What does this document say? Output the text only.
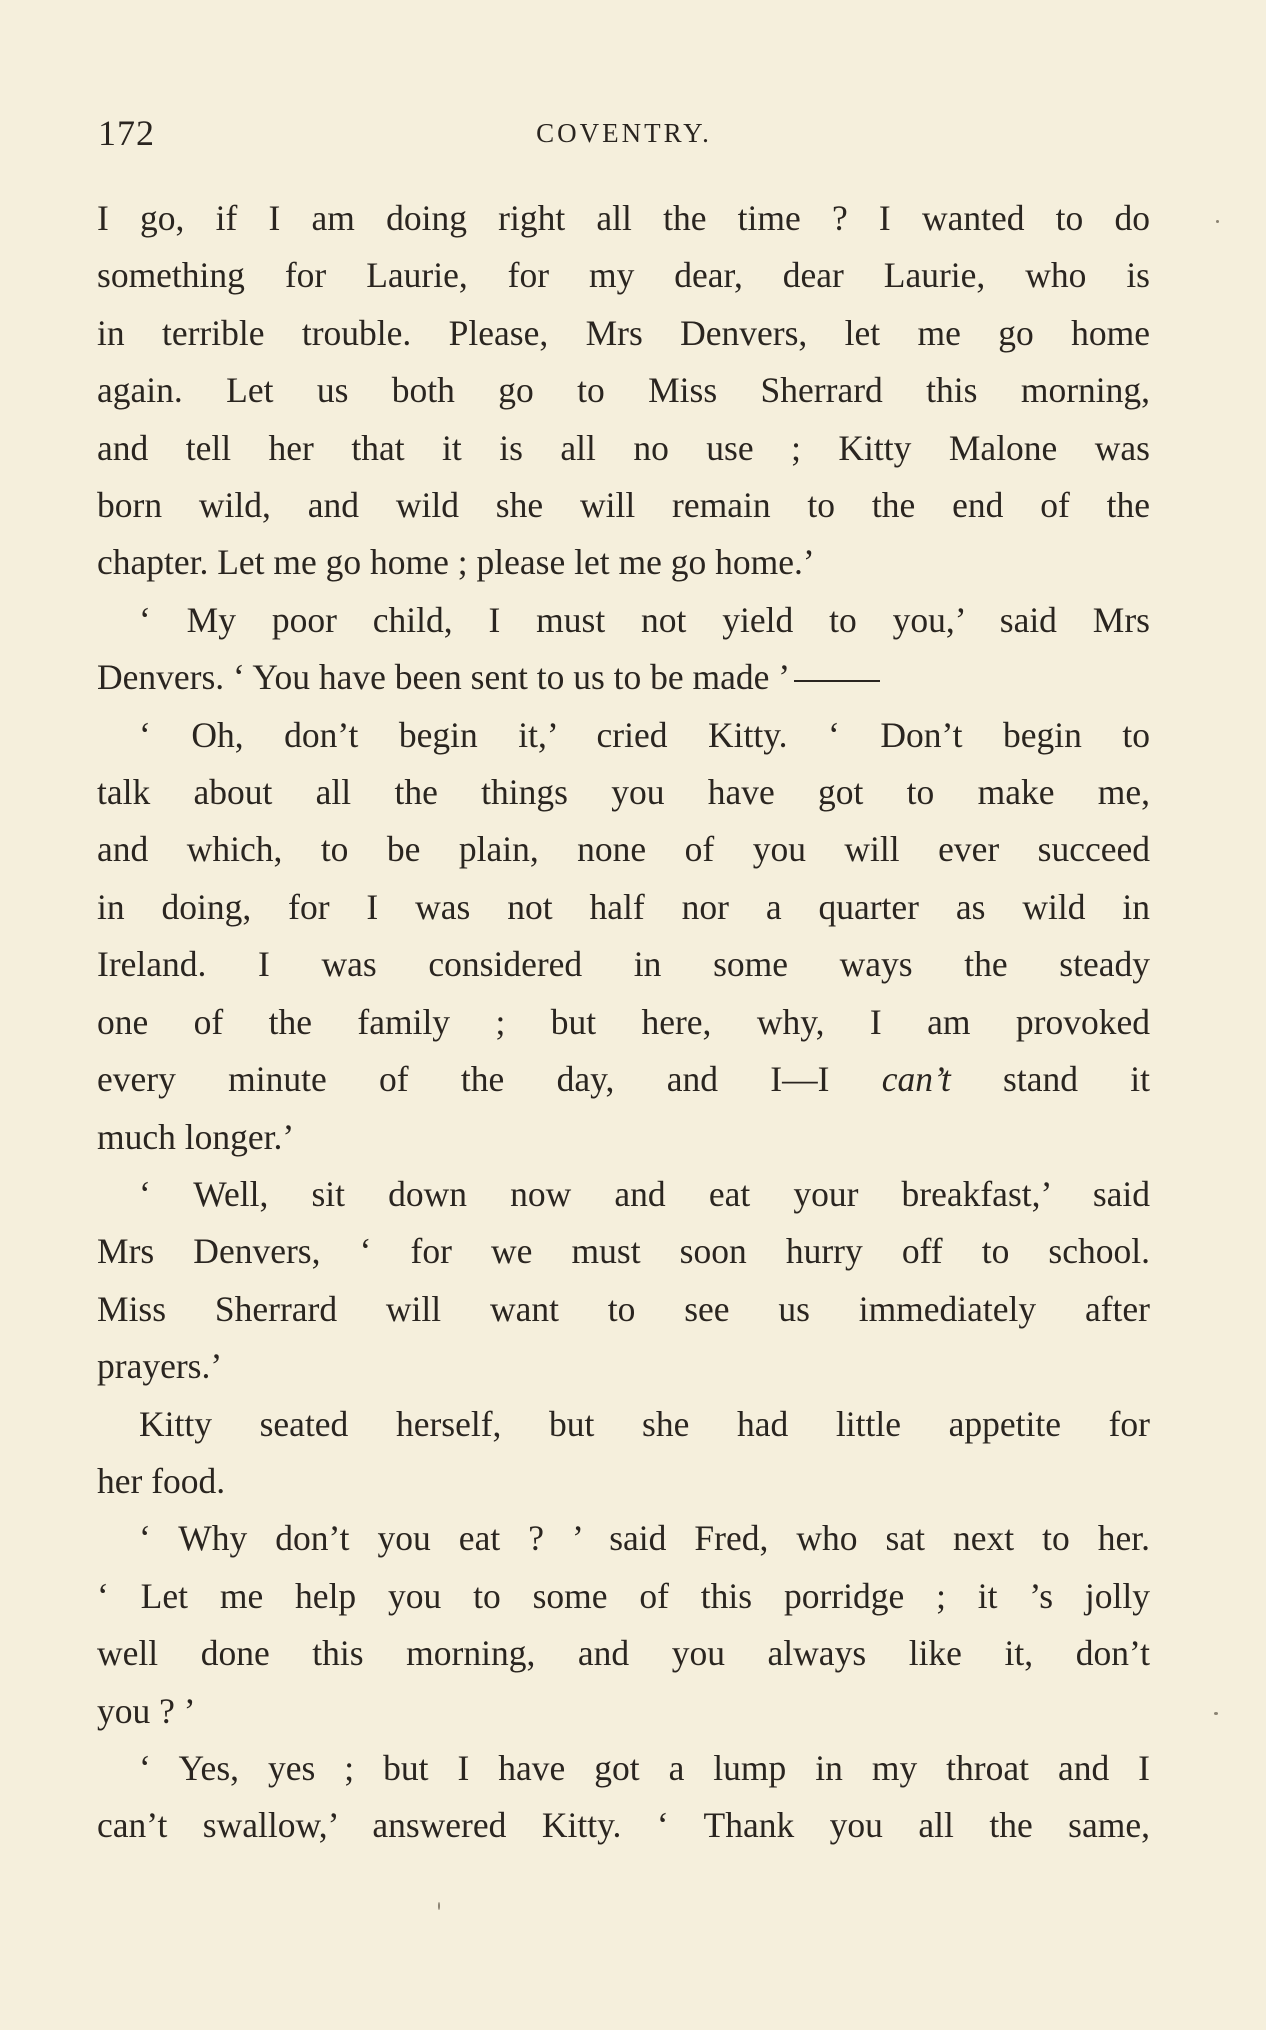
172	COVENTRY.
I go, if I am doing right all the time ? I wanted to do
something for Laurie, for my dear, dear Laurie, who is
in terrible trouble. Please, Mrs Denvers, let me go home
again. Let us both go to Miss Sherrard this morning,
and tell her that it is all no use ; Kitty Malone was
born wild, and wild she will remain to the end of the
chapter. Let me go home ; please let me go home.’
‘ My poor child, I must not yield to you,’ said Mrs
Denvers. ‘ You have been sent to us to be made ’
‘ Oh, don’t begin it,’ cried Kitty. ‘ Don’t begin to
talk about all the things you have got to make me,
and which, to be plain, none of you will ever succeed
in doing, for I was not half nor a quarter as wild in
Ireland. I was considered in some ways the steady
one of the family ; but here, why, I am provoked
every minute of the day, and I—I can’t stand it
much longer.’
‘ Well, sit down now and eat your breakfast,’ said
Mrs Denvers, ‘ for we must soon hurry off to school.
Miss Sherrard will want to see us immediately after
prayers.’
Kitty seated herself, but she had little appetite for
her food.
‘ Why don’t you eat ? ’ said Fred, who sat next to her.
‘ Let me help you to some of this porridge ; it ’s jolly
well done this morning, and you always like it, don’t
you ? ’
‘ Yes, yes ; but I have got a lump in my throat and I
can’t swallow,’ answered Kitty. ‘ Thank you all the same,
